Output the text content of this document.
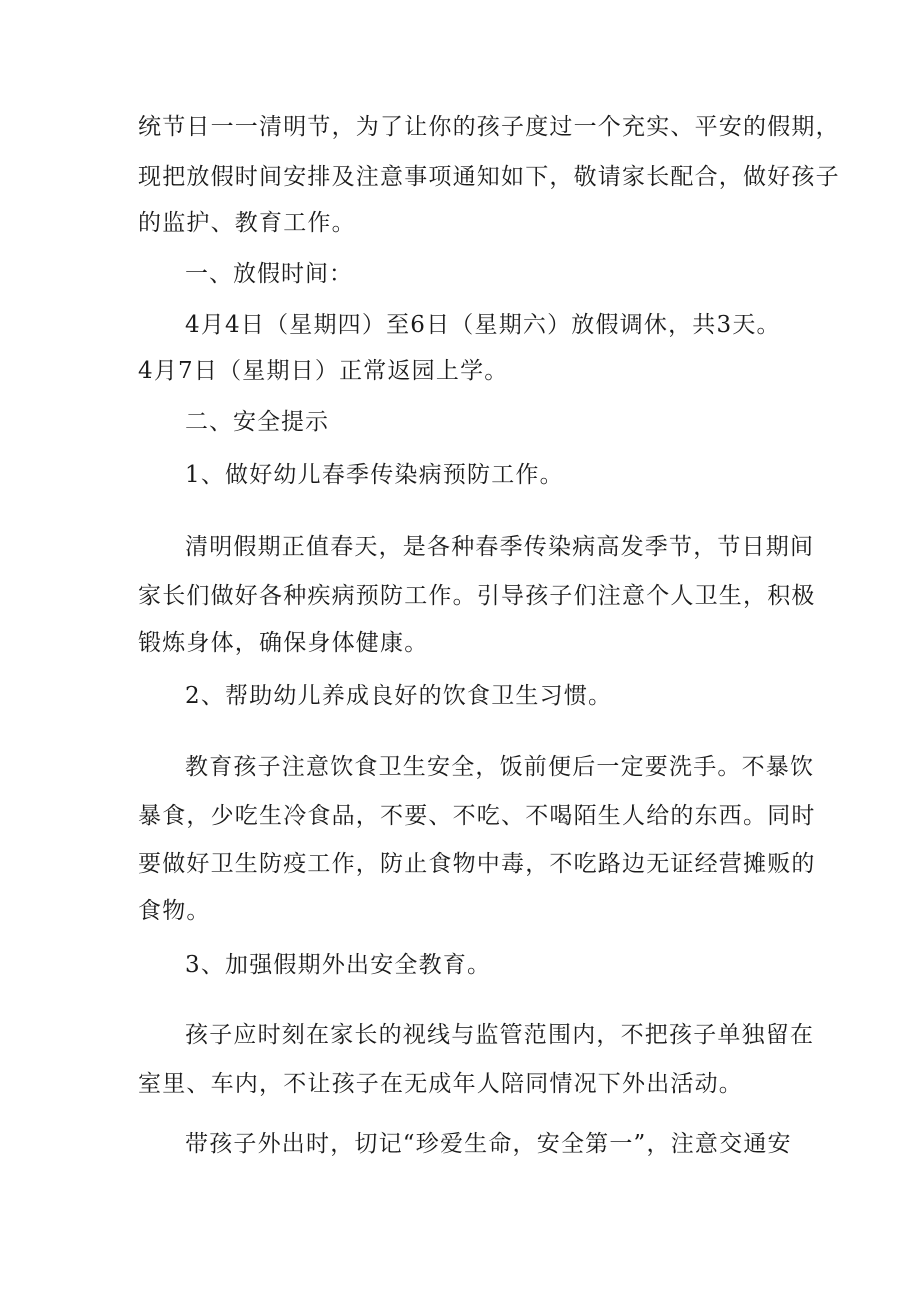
统节日一一清明节，为了让你的孩子度过一个充实、平安的假期，
现把放假时间安排及注意事项通知如下，敬请家长配合，做好孩子
的监护、教育工作。
一、放假时间：
4月4日（星期四）至6日（星期六）放假调休，共3天。
4月7日（星期日）正常返园上学。
二、安全提示
1、做好幼儿春季传染病预防工作。
清明假期正值春天，是各种春季传染病高发季节，节日期间
家长们做好各种疾病预防工作。引导孩子们注意个人卫生，积极
锻炼身体，确保身体健康。
2、帮助幼儿养成良好的饮食卫生习惯。
教育孩子注意饮食卫生安全，饭前便后一定要洗手。不暴饮
暴食，少吃生冷食品，不要、不吃、不喝陌生人给的东西。同时
要做好卫生防疫工作，防止食物中毒，不吃路边无证经营摊贩的
食物。
3、加强假期外出安全教育。
孩子应时刻在家长的视线与监管范围内，不把孩子单独留在
室里、车内，不让孩子在无成年人陪同情况下外出活动。
带孩子外出时，切记“珍爱生命，安全第一”，注意交通安
